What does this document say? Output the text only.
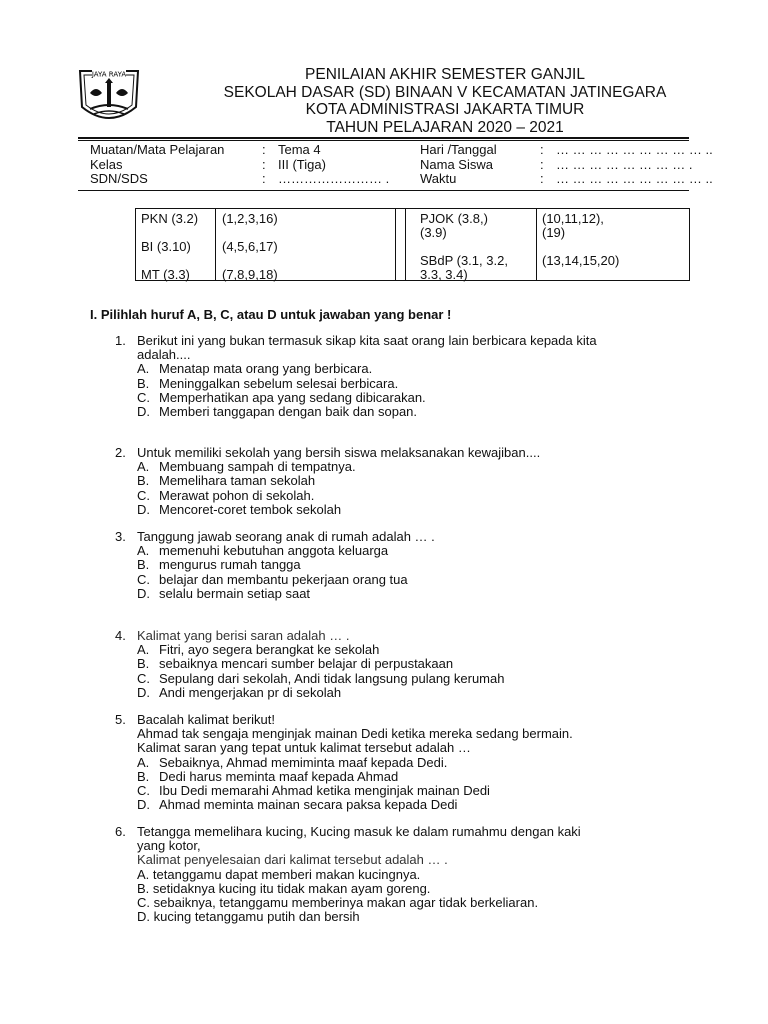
JAYA RAYA	PENILAIAN AKHIR SEMESTER GANJIL
SEKOLAH DASAR (SD) BINAAN V KECAMATAN JATINEGARA
KOTA ADMINISTRASI JAKARTA TIMUR
TAHUN PELAJARAN 2020 – 2021
Muatan/Mata Pelajaran
Kelas
SDN/SDS
:
:
:
Tema 4
III (Tiga)
…………………… .
Hari /Tanggal
Nama Siswa
Waktu
:
:
:
… … … … … … … … … ..
… … … … … … … … .
… … … … … … … … … ..
PKN (3.2) (1,2,3,16)
BI (3.10) (4,5,6,17)
MT (3.3) (7,8,9,18)
PJOK (3.8,)
(3.9)
(10,11,12),
(19)
SBdP (3.1, 3.2,
3.3, 3.4)
(13,14,15,20)
I. Pilihlah huruf A, B, C, atau D untuk jawaban yang benar !
1. Berikut ini yang bukan termasuk sikap kita saat orang lain berbicara kepada kita
adalah....
A. Menatap mata orang yang berbicara.
B. Meninggalkan sebelum selesai berbicara.
C. Memperhatikan apa yang sedang dibicarakan.
D. Memberi tanggapan dengan baik dan sopan.
2. Untuk memiliki sekolah yang bersih siswa melaksanakan kewajiban....
A. Membuang sampah di tempatnya.
B. Memelihara taman sekolah
C. Merawat pohon di sekolah.
D. Mencoret-coret tembok sekolah
3. Tanggung jawab seorang anak di rumah adalah … .
A. memenuhi kebutuhan anggota keluarga
B. mengurus rumah tangga
C. belajar dan membantu pekerjaan orang tua
D. selalu bermain setiap saat
4. Kalimat yang berisi saran adalah … .
A. Fitri, ayo segera berangkat ke sekolah
B. sebaiknya mencari sumber belajar di perpustakaan
C. Sepulang dari sekolah, Andi tidak langsung pulang kerumah
D. Andi mengerjakan pr di sekolah
5. Bacalah kalimat berikut!
Ahmad tak sengaja menginjak mainan Dedi ketika mereka sedang bermain.
Kalimat saran yang tepat untuk kalimat tersebut adalah …
A. Sebaiknya, Ahmad memiminta maaf kepada Dedi.
B. Dedi harus meminta maaf kepada Ahmad
C. Ibu Dedi memarahi Ahmad ketika menginjak mainan Dedi
D. Ahmad meminta mainan secara paksa kepada Dedi
6. Tetangga memelihara kucing, Kucing masuk ke dalam rumahmu dengan kaki
yang kotor,
Kalimat penyelesaian dari kalimat tersebut adalah … .
A. tetanggamu dapat memberi makan kucingnya.
B. setidaknya kucing itu tidak makan ayam goreng.
C. sebaiknya, tetanggamu memberinya makan agar tidak berkeliaran.
D. kucing tetanggamu putih dan bersih
